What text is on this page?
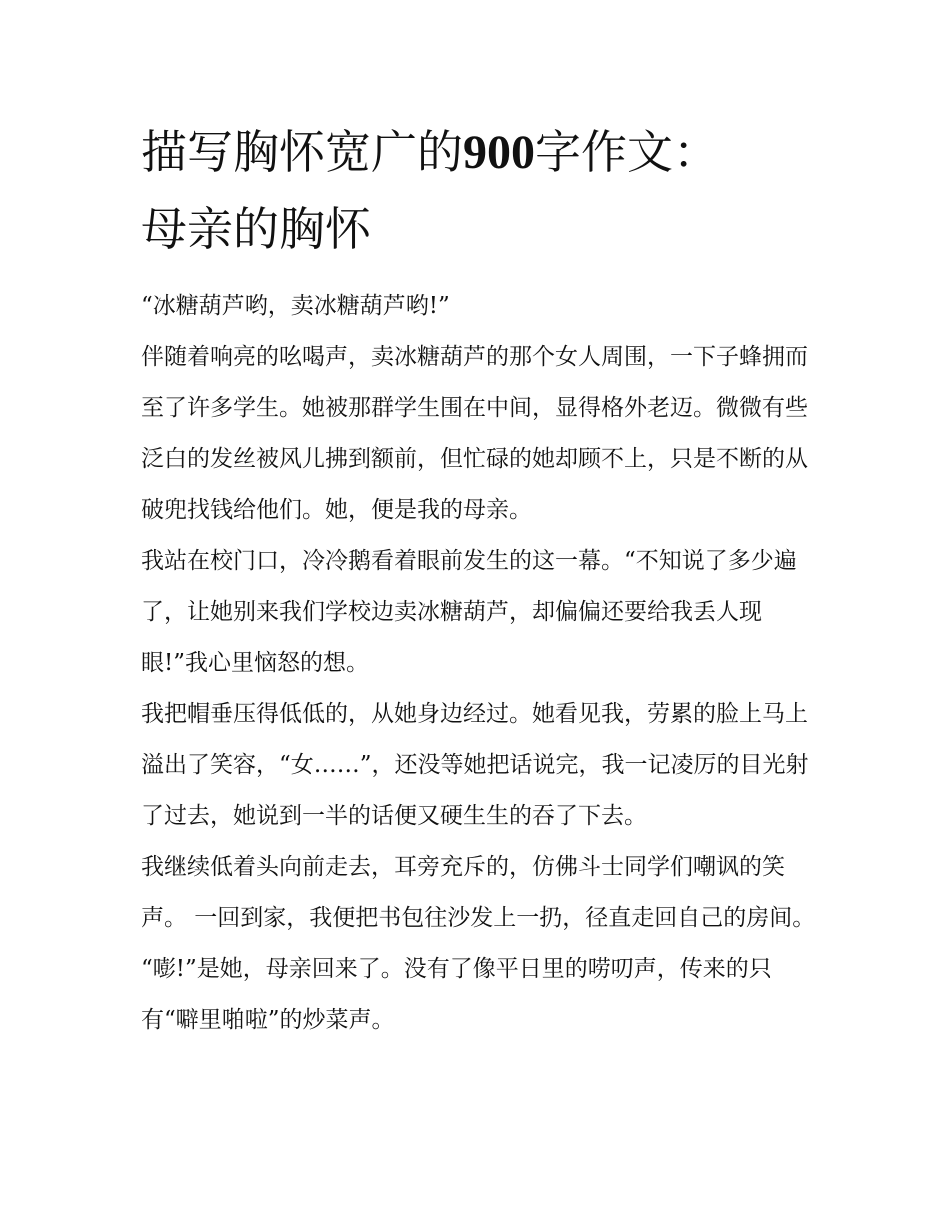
描写胸怀宽广的900字作文：
母亲的胸怀

“冰糖葫芦哟，卖冰糖葫芦哟!”

伴随着响亮的吆喝声，卖冰糖葫芦的那个女人周围，一下子蜂拥而至了许多学生。她被那群学生围在中间，显得格外老迈。微微有些泛白的发丝被风儿拂到额前，但忙碌的她却顾不上，只是不断的从破兜找钱给他们。她，便是我的母亲。

我站在校门口，冷冷鹅看着眼前发生的这一幕。“不知说了多少遍了，让她别来我们学校边卖冰糖葫芦，却偏偏还要给我丢人现眼!”我心里恼怒的想。

我把帽垂压得低低的，从她身边经过。她看见我，劳累的脸上马上溢出了笑容，“女……”，还没等她把话说完，我一记凌厉的目光射了过去，她说到一半的话便又硬生生的吞了下去。

我继续低着头向前走去，耳旁充斥的，仿佛斗士同学们嘲讽的笑声。 一回到家，我便把书包往沙发上一扔，径直走回自己的房间。

“嘭!”是她，母亲回来了。没有了像平日里的唠叨声，传来的只有“噼里啪啦”的炒菜声。
